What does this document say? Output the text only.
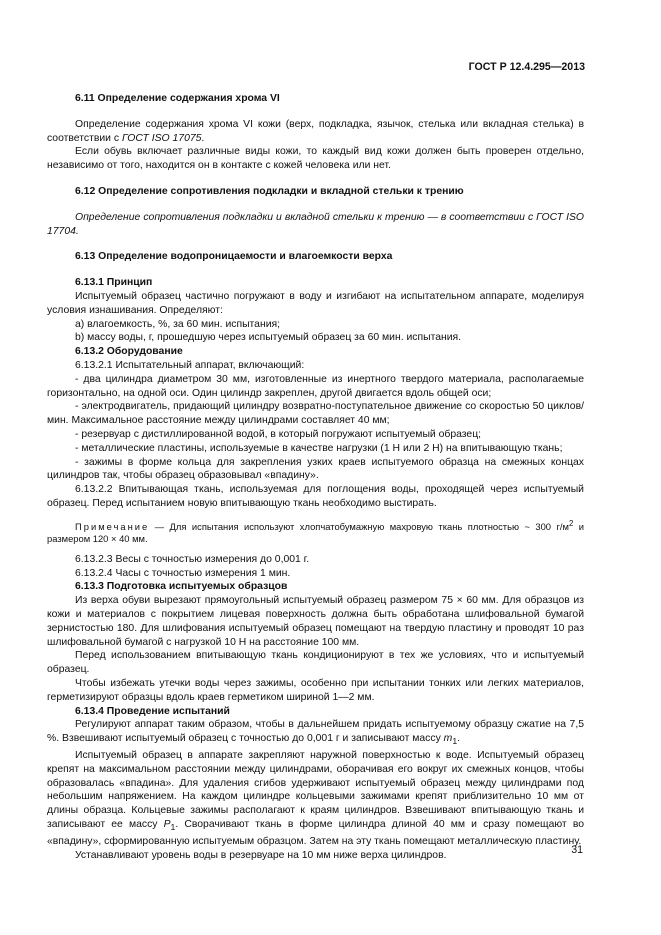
ГОСТ Р 12.4.295—2013
6.11 Определение содержания хрома VI
Определение содержания хрома VI кожи (верх, подкладка, язычок, стелька или вкладная стелька) в соответствии с ГОСТ ISO 17075.
Если обувь включает различные виды кожи, то каждый вид кожи должен быть проверен отдельно, независимо от того, находится он в контакте с кожей человека или нет.
6.12 Определение сопротивления подкладки и вкладной стельки к трению
Определение сопротивления подкладки и вкладной стельки к трению — в соответствии с ГОСТ ISO 17704.
6.13 Определение водопроницаемости и влагоемкости верха
6.13.1 Принцип
Испытуемый образец частично погружают в воду и изгибают на испытательном аппарате, моделируя условия изнашивания. Определяют:
а) влагоемкость, %, за 60 мин. испытания;
b) массу воды, г, прошедшую через испытуемый образец за 60 мин. испытания.
6.13.2 Оборудование
6.13.2.1 Испытательный аппарат, включающий:
- два цилиндра диаметром 30 мм, изготовленные из инертного твердого материала, располагаемые горизонтально, на одной оси. Один цилиндр закреплен, другой двигается вдоль общей оси;
- электродвигатель, придающий цилиндру возвратно-поступательное движение со скоростью 50 циклов/мин. Максимальное расстояние между цилиндрами составляет 40 мм;
- резервуар с дистиллированной водой, в который погружают испытуемый образец;
- металлические пластины, используемые в качестве нагрузки (1 Н или 2 Н) на впитывающую ткань;
- зажимы в форме кольца для закрепления узких краев испытуемого образца на смежных концах цилиндров так, чтобы образец образовывал «впадину».
6.13.2.2 Впитывающая ткань, используемая для поглощения воды, проходящей через испытуемый образец. Перед испытанием новую впитывающую ткань необходимо выстирать.
Примечание — Для испытания используют хлопчатобумажную махровую ткань плотностью ~ 300 $г/м^2$ и размером 120 × 40 мм.
6.13.2.3 Весы с точностью измерения до 0,001 г.
6.13.2.4 Часы с точностью измерения 1 мин.
6.13.3 Подготовка испытуемых образцов
Из верха обуви вырезают прямоугольный испытуемый образец размером 75 × 60 мм. Для образцов из кожи и материалов с покрытием лицевая поверхность должна быть обработана шлифовальной бумагой зернистостью 180. Для шлифования испытуемый образец помещают на твердую пластину и проводят 10 раз шлифовальной бумагой с нагрузкой 10 Н на расстояние 100 мм.
Перед использованием впитывающую ткань кондиционируют в тех же условиях, что и испытуемый образец.
Чтобы избежать утечки воды через зажимы, особенно при испытании тонких или легких материалов, герметизируют образцы вдоль краев герметиком шириной 1—2 мм.
6.13.4 Проведение испытаний
Регулируют аппарат таким образом, чтобы в дальнейшем придать испытуемому образцу сжатие на 7,5 %. Взвешивают испытуемый образец с точностью до 0,001 г и записывают массу $m_1$.
Испытуемый образец в аппарате закрепляют наружной поверхностью к воде. Испытуемый образец крепят на максимальном расстоянии между цилиндрами, оборачивая его вокруг их смежных концов, чтобы образовалась «впадина». Для удаления сгибов удерживают испытуемый образец между цилиндрами под небольшим напряжением. На каждом цилиндре кольцевыми зажимами крепят приблизительно 10 мм от длины образца. Кольцевые зажимы располагают к краям цилиндров. Взвешивают впитывающую ткань и записывают ее массу $P_1$. Сворачивают ткань в форме цилиндра длиной 40 мм и сразу помещают во «впадину», сформированную испытуемым образцом. Затем на эту ткань помещают металлическую пластину.
Устанавливают уровень воды в резервуаре на 10 мм ниже верха цилиндров.	31
